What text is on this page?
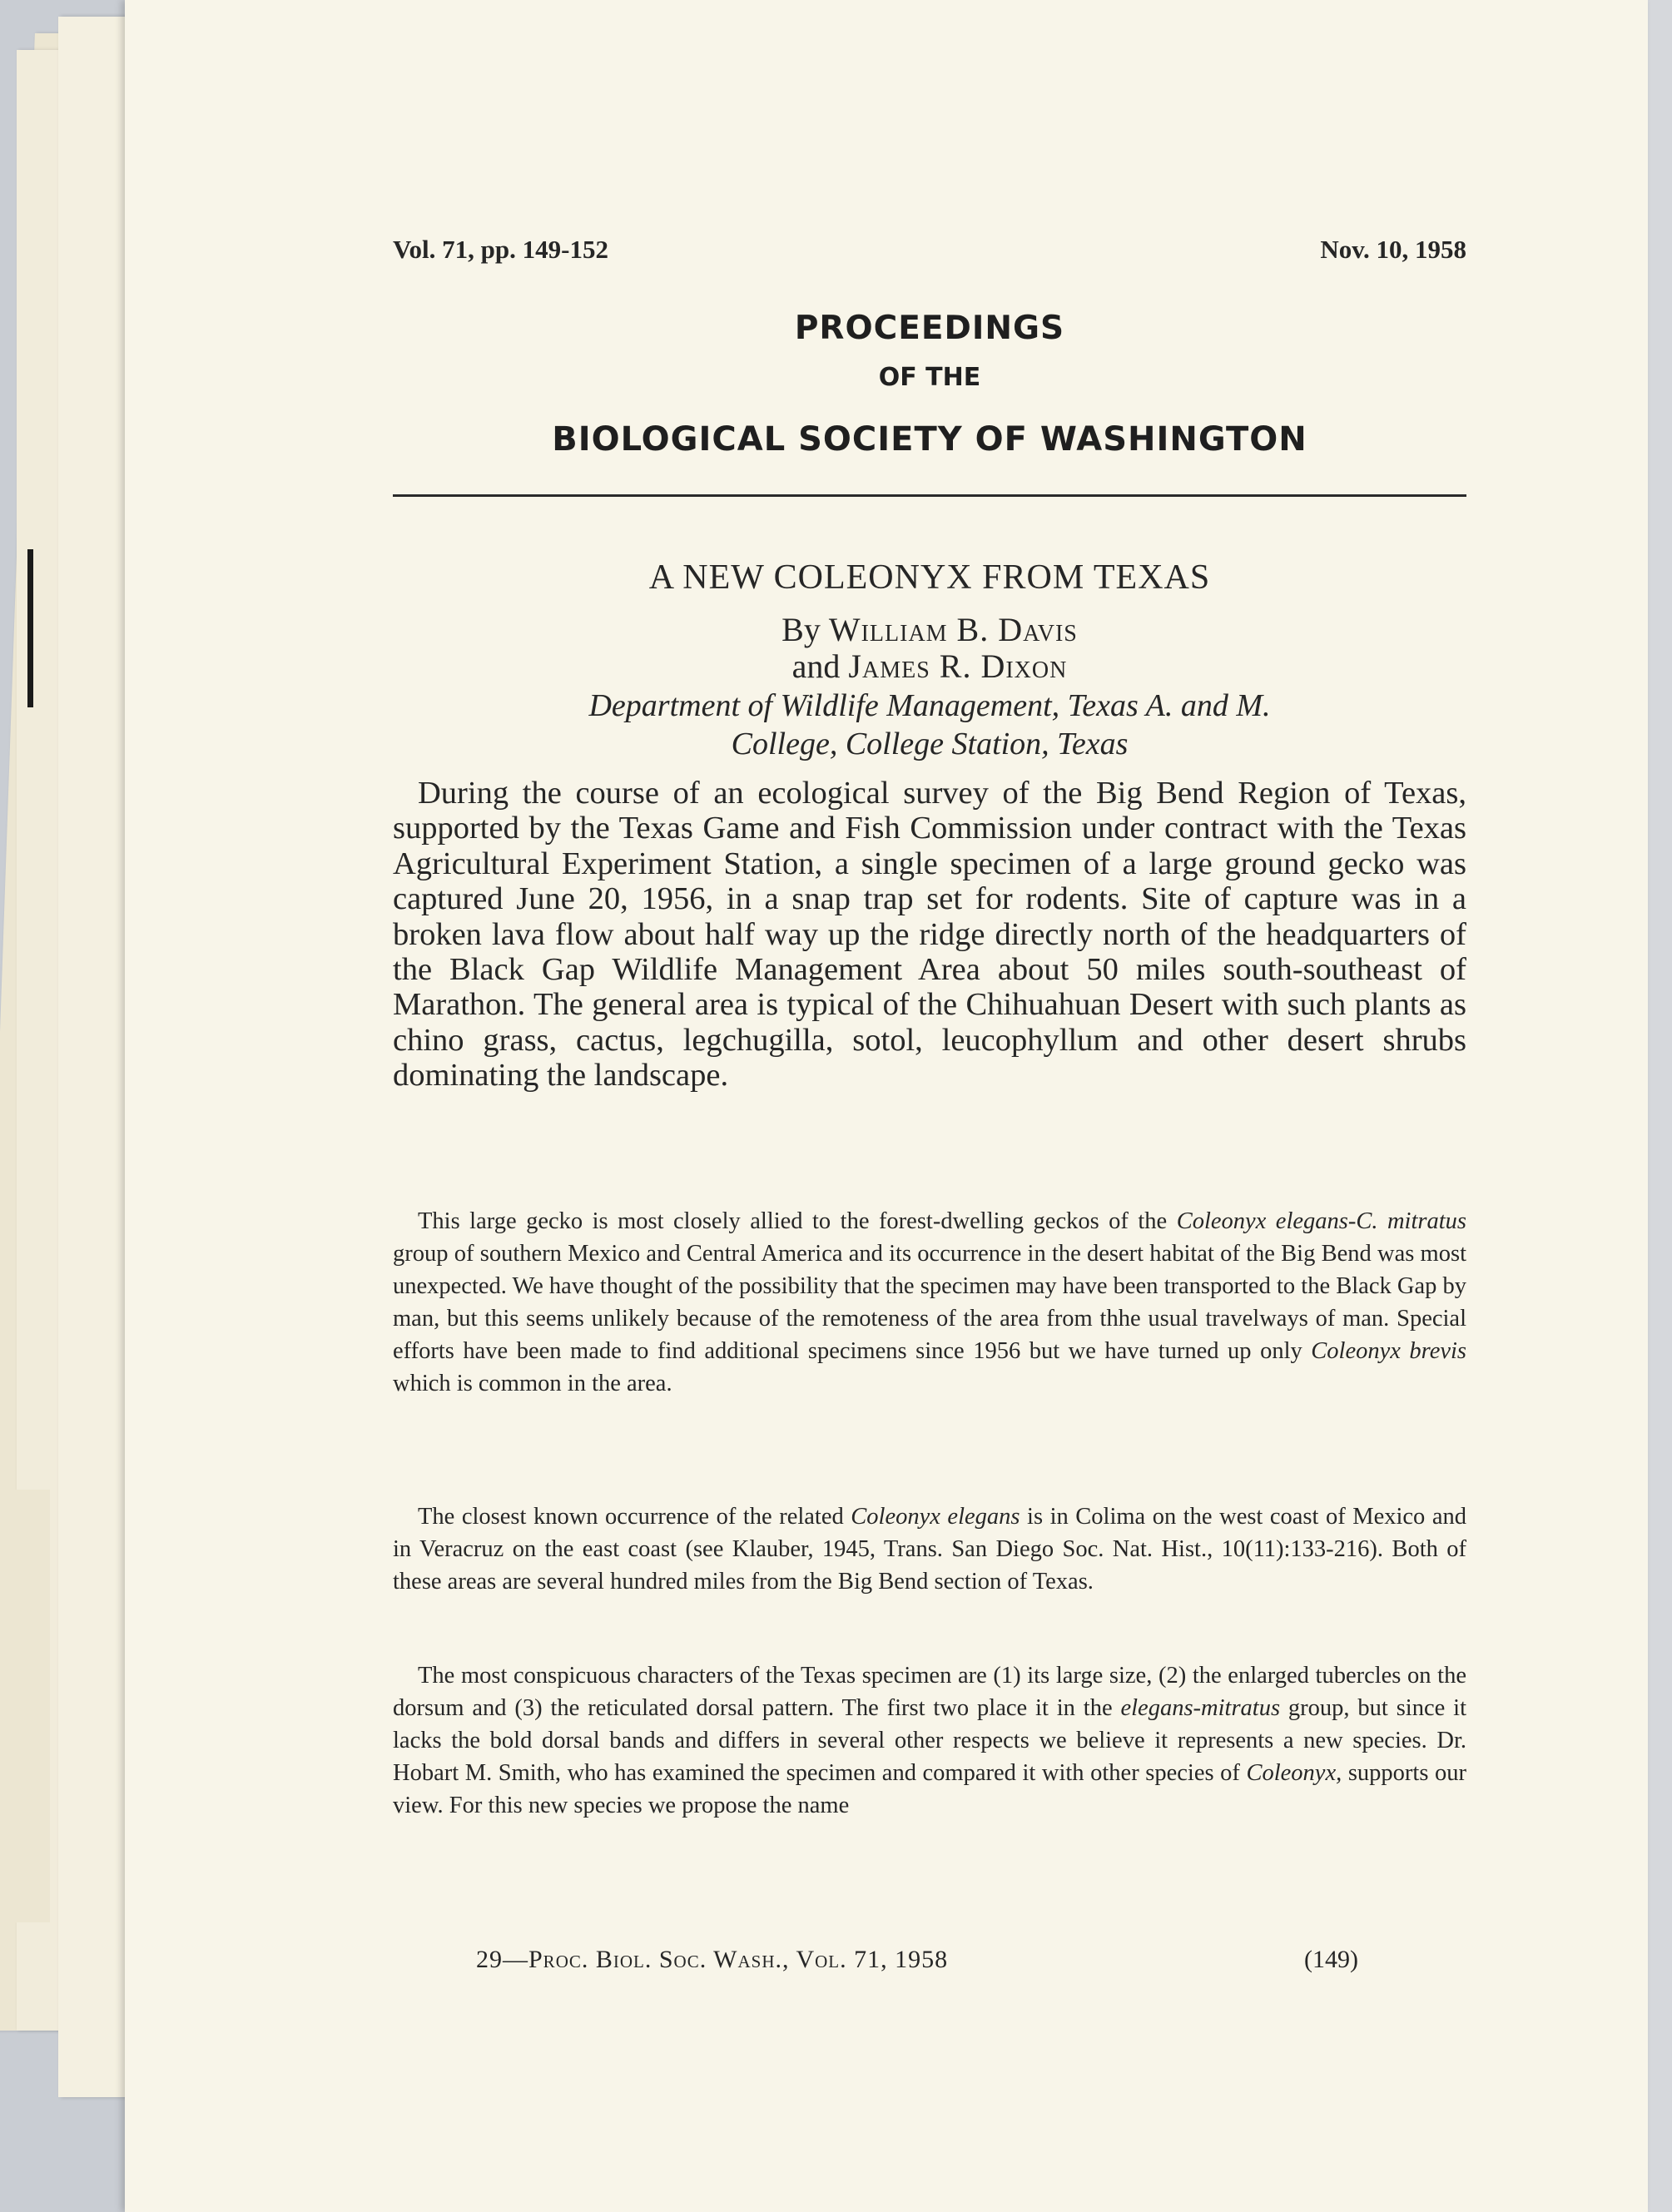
Vol. 71, pp. 149-152	Nov. 10, 1958
PROCEEDINGS
OF THE
BIOLOGICAL SOCIETY OF WASHINGTON
A NEW COLEONYX FROM TEXAS
By William B. Davis
and James R. Dixon
Department of Wildlife Management, Texas A. and M.
College, College Station, Texas

During the course of an ecological survey of the Big Bend Region of Texas, supported by the Texas Game and Fish Commission under contract with the Texas Agricultural Experiment Station, a single specimen of a large ground gecko was captured June 20, 1956, in a snap trap set for rodents. Site of capture was in a broken lava flow about half way up the ridge directly north of the headquarters of the Black Gap Wildlife Management Area about 50 miles south-southeast of Marathon. The general area is typical of the Chihuahuan Desert with such plants as chino grass, cactus, legchugilla, sotol, leucophyllum and other desert shrubs dominating the landscape.

This large gecko is most closely allied to the forest-dwelling geckos of the Coleonyx elegans-C. mitratus group of southern Mexico and Central America and its occurrence in the desert habitat of the Big Bend was most unexpected. We have thought of the possibility that the specimen may have been transported to the Black Gap by man, but this seems unlikely because of the remoteness of the area from thhe usual travelways of man. Special efforts have been made to find additional specimens since 1956 but we have turned up only Coleonyx brevis which is common in the area.

The closest known occurrence of the related Coleonyx elegans is in Colima on the west coast of Mexico and in Veracruz on the east coast (see Klauber, 1945, Trans. San Diego Soc. Nat. Hist., 10(11):133-216). Both of these areas are several hundred miles from the Big Bend section of Texas.

The most conspicuous characters of the Texas specimen are (1) its large size, (2) the enlarged tubercles on the dorsum and (3) the reticulated dorsal pattern. The first two place it in the elegans-mitratus group, but since it lacks the bold dorsal bands and differs in several other respects we believe it represents a new species. Dr. Hobart M. Smith, who has examined the specimen and compared it with other species of Coleonyx, supports our view. For this new species we propose the name

29—Proc. Biol. Soc. Wash., Vol. 71, 1958	(149)
